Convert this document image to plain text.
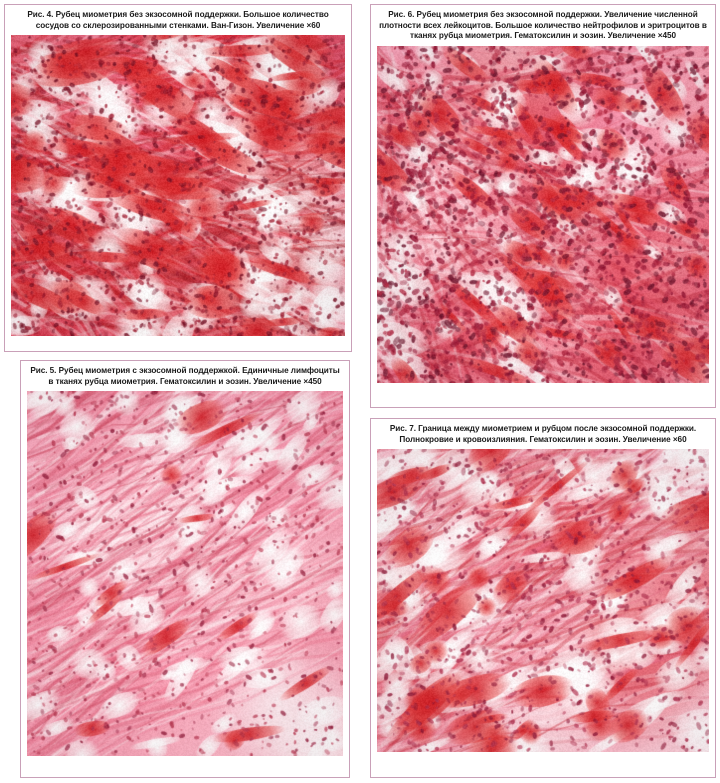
Рис. 4. Рубец миометрия без экзосомной поддержки. Большое количество сосудов со склерозированными стенками. Ван-Гизон. Увеличение ×60

Рис. 6. Рубец миометрия без экзосомной поддержки. Увеличение численной плотности всех лейкоцитов. Большое количество нейтрофилов и эритроцитов в тканях рубца миометрия. Гематоксилин и эозин. Увеличение ×450

Рис. 5. Рубец миометрия с экзосомной поддержкой. Единичные лимфоциты в тканях рубца миометрия. Гематоксилин и эозин. Увеличение ×450

Рис. 7. Граница между миометрием и рубцом после экзосомной поддержки. Полнокровие и кровоизлияния. Гематоксилин и эозин. Увеличение ×60
